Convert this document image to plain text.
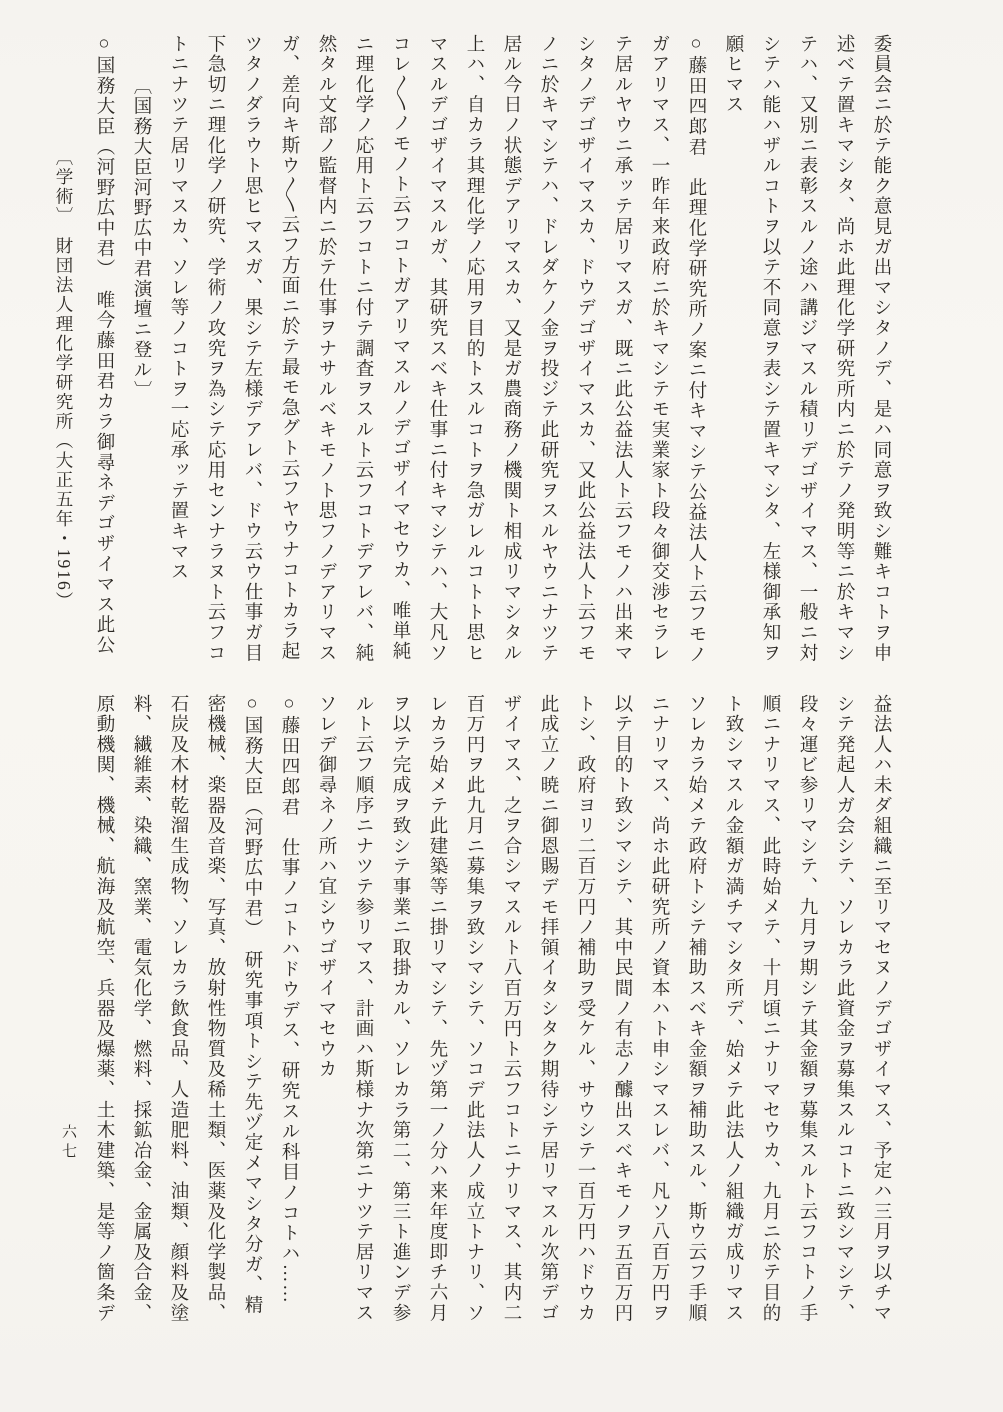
委員会ニ於テ能ク意見ガ出マシタノデ、是ハ同意ヲ致シ難キコトヲ申
述ベテ置キマシタ、尚ホ此理化学研究所内ニ於テノ発明等ニ於キマシ
テハ、又別ニ表彰スルノ途ハ講ジマスル積リデゴザイマス、一般ニ対
シテハ能ハザルコトヲ以テ不同意ヲ表シテ置キマシタ、左様御承知ヲ
願ヒマス
○藤田四郎君　此理化学研究所ノ案ニ付キマシテ公益法人ト云フモノ
ガアリマス、一昨年来政府ニ於キマシテモ実業家ト段々御交渉セラレ
テ居ルヤウニ承ッテ居リマスガ、既ニ此公益法人ト云フモノハ出来マ
シタノデゴザイマスカ、ドウデゴザイマスカ、又此公益法人ト云フモ
ノニ於キマシテハ、ドレダケノ金ヲ投ジテ此研究ヲスルヤウニナツテ
居ル今日ノ状態デアリマスカ、又是ガ農商務ノ機関ト相成リマシタル
上ハ、自カラ其理化学ノ応用ヲ目的トスルコトヲ急ガレルコトト思ヒ
マスルデゴザイマスルガ、其研究スベキ仕事ニ付キマシテハ、大凡ソ
コレ〱ノモノト云フコトガアリマスルノデゴザイマセウカ、唯単純
ニ理化学ノ応用ト云フコトニ付テ調査ヲスルト云フコトデアレバ、純
然タル文部ノ監督内ニ於テ仕事ヲナサルベキモノト思フノデアリマス
ガ、差向キ斯ウ〱云フ方面ニ於テ最モ急グト云フヤウナコトカラ起
ツタノダラウト思ヒマスガ、果シテ左様デアレバ、ドウ云ウ仕事ガ目
下急切ニ理化学ノ研究、学術ノ攻究ヲ為シテ応用センナラヌト云フコ
トニナツテ居リマスカ、ソレ等ノコトヲ一応承ッテ置キマス
〔国務大臣河野広中君演壇ニ登ル〕
○国務大臣（河野広中君）　唯今藤田君カラ御尋ネデゴザイマス此公
〔学術〕　財団法人理化学研究所（大正五年・1916）
益法人ハ未ダ組織ニ至リマセヌノデゴザイマス、予定ハ三月ヲ以チマ
シテ発起人ガ会シテ、ソレカラ此資金ヲ募集スルコトニ致シマシテ、
段々運ビ参リマシテ、九月ヲ期シテ其金額ヲ募集スルト云フコトノ手
順ニナリマス、此時始メテ、十月頃ニナリマセウカ、九月ニ於テ目的
ト致シマスル金額ガ満チマシタ所デ、始メテ此法人ノ組織ガ成リマス
ソレカラ始メテ政府トシテ補助スベキ金額ヲ補助スル、斯ウ云フ手順
ニナリマス、尚ホ此研究所ノ資本ハト申シマスレバ、凡ソ八百万円ヲ
以テ目的ト致シマシテ、其中民間ノ有志ノ醵出スベキモノヲ五百万円
トシ、政府ヨリ二百万円ノ補助ヲ受ケル、サウシテ一百万円ハドウカ
此成立ノ暁ニ御恩賜デモ拝領イタシタク期待シテ居リマスル次第デゴ
ザイマス、之ヲ合シマスルト八百万円ト云フコトニナリマス、其内二
百万円ヲ此九月ニ募集ヲ致シマシテ、ソコデ此法人ノ成立トナリ、ソ
レカラ始メテ此建築等ニ掛リマシテ、先ヅ第一ノ分ハ来年度即チ六月
ヲ以テ完成ヲ致シテ事業ニ取掛カル、ソレカラ第二、第三ト進ンデ参
ルト云フ順序ニナツテ参リマス、計画ハ斯様ナ次第ニナツテ居リマス
ソレデ御尋ネノ所ハ宜シウゴザイマセウカ
○藤田四郎君　仕事ノコトハドウデス、研究スル科目ノコトハ……
○国務大臣（河野広中君）　研究事項トシテ先ヅ定メマシタ分ガ、精
密機械、楽器及音楽、写真、放射性物質及稀土類、医薬及化学製品、
石炭及木材乾溜生成物、ソレカラ飲食品、人造肥料、油類、顔料及塗
料、繊維素、染織、窯業、電気化学、燃料、採鉱冶金、金属及合金、
原動機関、機械、航海及航空、兵器及爆薬、土木建築、是等ノ箇条デ
六七
